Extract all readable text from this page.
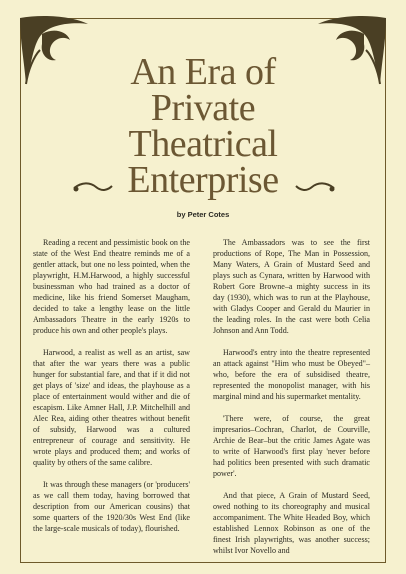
An Era of
Private
Theatrical
Enterprise
by Peter Cotes

Reading a recent and pessimistic book on the state of the West End theatre reminds me of a gentler attack, but one no less pointed, when the playwright, H.M.Harwood, a highly successful businessman who had trained as a doctor of medicine, like his friend Somerset Maugham, decided to take a lengthy lease on the little Ambassadors Theatre in the early 1920s to produce his own and other people's plays.

Harwood, a realist as well as an artist, saw that after the war years there was a public hunger for substantial fare, and that if it did not get plays of 'size' and ideas, the playhouse as a place of entertainment would wither and die of escapism. Like Amner Hall, J.P. Mitchelhill and Alec Rea, aiding other theatres without benefit of subsidy, Harwood was a cultured entrepreneur of courage and sensitivity. He wrote plays and produced them; and works of quality by others of the same calibre.

It was through these managers (or 'producers' as we call them today, having borrowed that description from our American cousins) that some quarters of the 1920/30s West End (like the large-scale musicals of today), flourished.

The Ambassadors was to see the first productions of Rope, The Man in Possession, Many Waters, A Grain of Mustard Seed and plays such as Cynara, written by Harwood with Robert Gore Browne–a mighty success in its day (1930), which was to run at the Playhouse, with Gladys Cooper and Gerald du Maurier in the leading roles. In the cast were both Celia Johnson and Ann Todd.

Harwood's entry into the theatre represented an attack against "Him who must be Obeyed"–who, before the era of subsidised theatre, represented the monopolist manager, with his marginal mind and his supermarket mentality.

'There were, of course, the great impresarios–Cochran, Charlot, de Courville, Archie de Bear–but the critic James Agate was to write of Harwood's first play 'never before had politics been presented with such dramatic power'.

And that piece, A Grain of Mustard Seed, owed nothing to its choreography and musical accompaniment. The White Headed Boy, which established Lennox Robinson as one of the finest Irish playwrights, was another success; whilst Ivor Novello and
